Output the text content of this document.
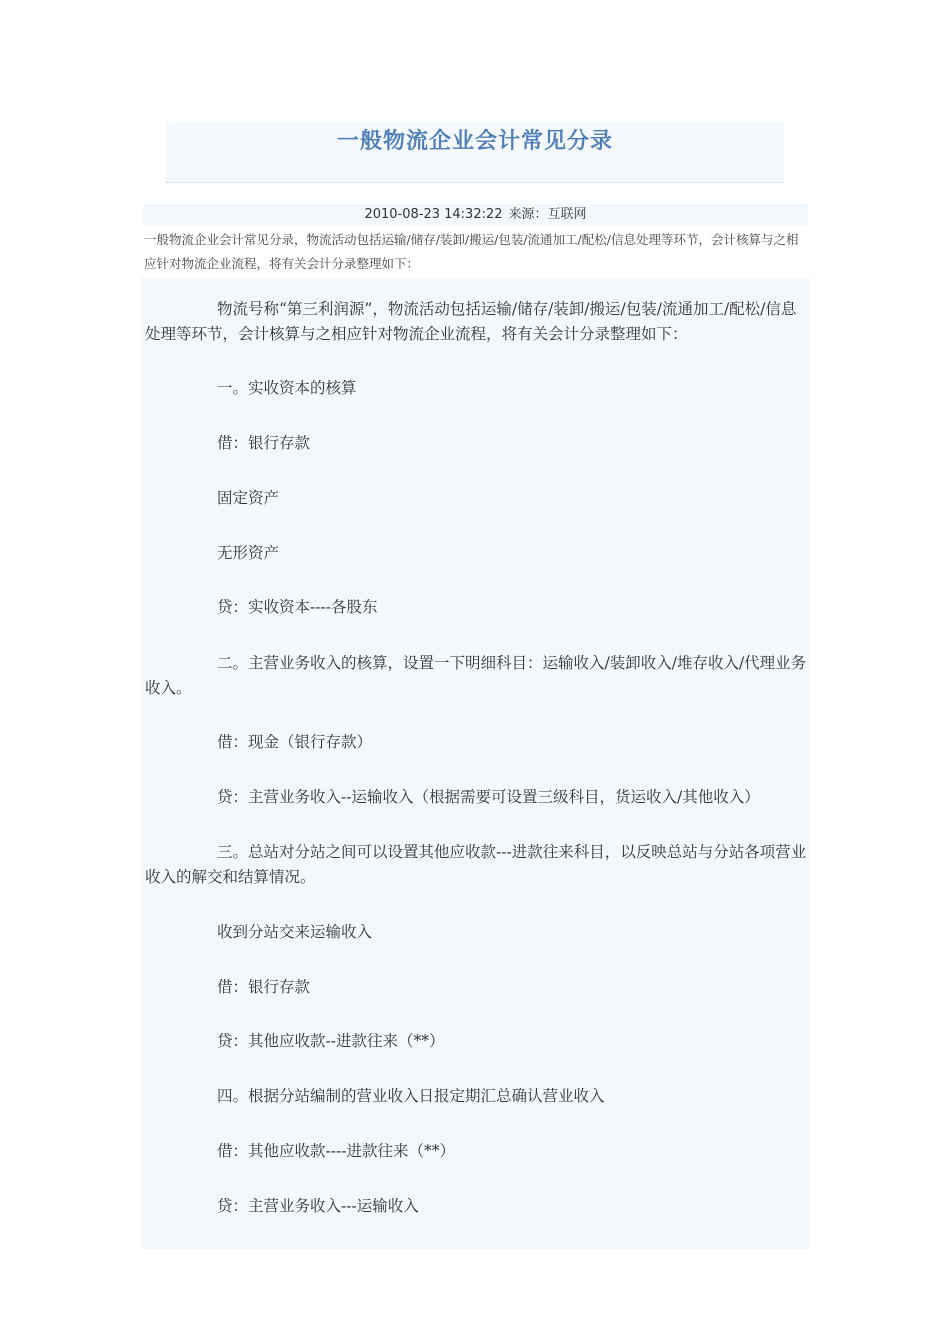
一般物流企业会计常见分录
2010-08-23 14:32:22 来源：互联网
一般物流企业会计常见分录，物流活动包括运输/储存/装卸/搬运/包装/流通加工/配松/信息处理等环节，会计核算与之相应针对物流企业流程，将有关会计分录整理如下：

物流号称“第三利润源”，物流活动包括运输/储存/装卸/搬运/包装/流通加工/配松/信息处理等环节，会计核算与之相应针对物流企业流程，将有关会计分录整理如下：

一。实收资本的核算

借：银行存款

固定资产

无形资产

贷：实收资本----各股东

二。主营业务收入的核算，设置一下明细科目：运输收入/装卸收入/堆存收入/代理业务收入。

借：现金（银行存款）

贷：主营业务收入--运输收入（根据需要可设置三级科目，货运收入/其他收入）

三。总站对分站之间可以设置其他应收款---进款往来科目，以反映总站与分站各项营业收入的解交和结算情况。

收到分站交来运输收入

借：银行存款

贷：其他应收款--进款往来（**）

四。根据分站编制的营业收入日报定期汇总确认营业收入

借：其他应收款----进款往来（**）

贷：主营业务收入---运输收入
